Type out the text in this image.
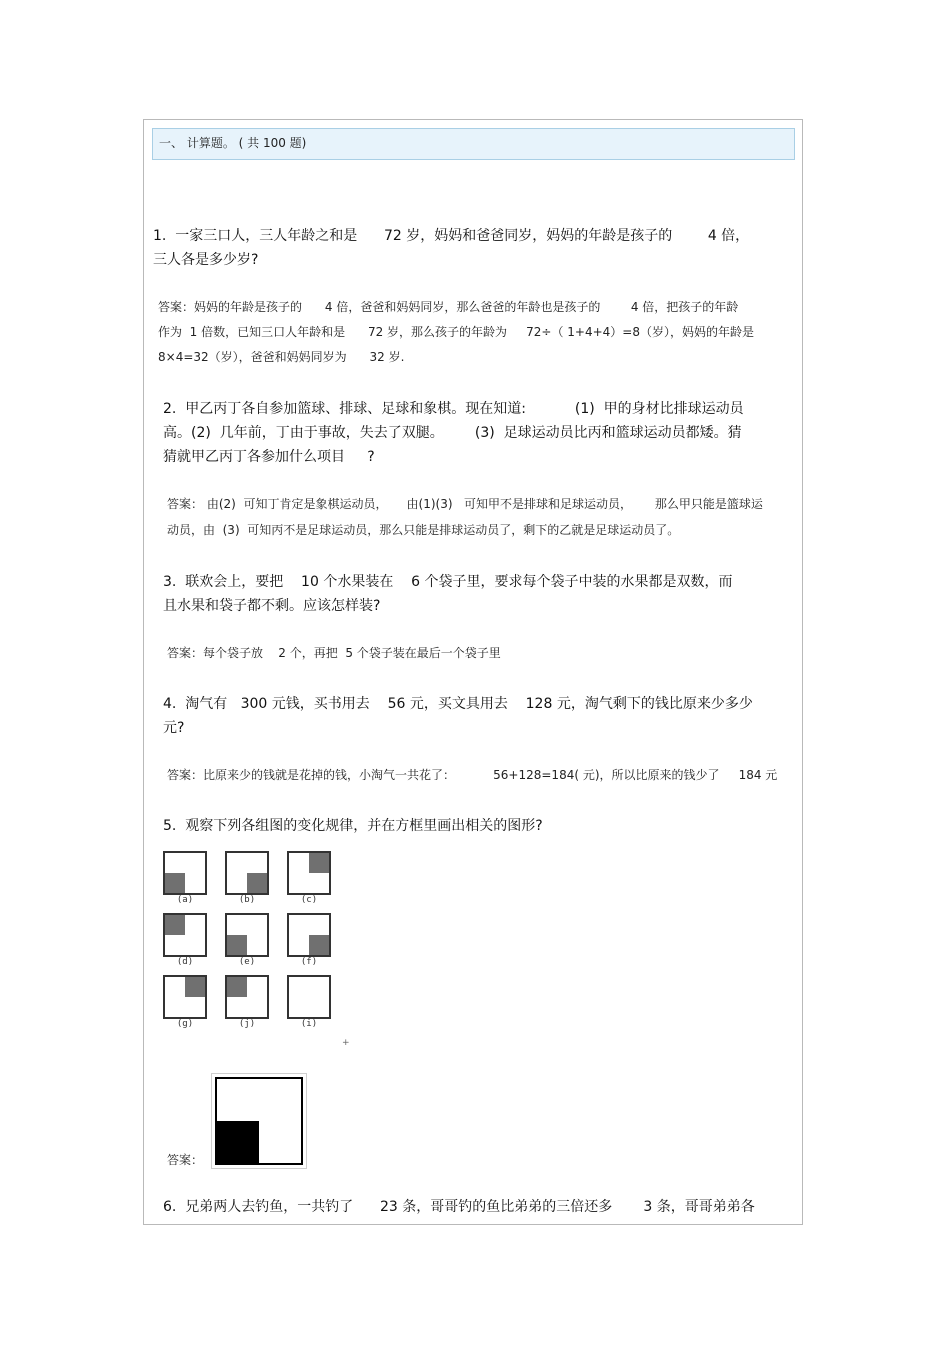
一、 计算题。 ( 共 100 题)
1.  一家三口人，三人年龄之和是      72 岁，妈妈和爸爸同岁，妈妈的年龄是孩子的        4 倍，
三人各是多少岁?
答案：妈妈的年龄是孩子的      4 倍，爸爸和妈妈同岁，那么爸爸的年龄也是孩子的        4 倍，把孩子的年龄
作为  1 倍数，已知三口人年龄和是      72 岁，那么孩子的年龄为     72÷（ 1+4+4）=8（岁），妈妈的年龄是
8×4=32（岁），爸爸和妈妈同岁为      32 岁.
2.  甲乙丙丁各自参加篮球、排球、足球和象棋。现在知道:           (1)  甲的身材比排球运动员
高。(2)  几年前，丁由于事故，失去了双腿。       (3)  足球运动员比丙和篮球运动员都矮。猜
猜就甲乙丙丁各参加什么项目     ?
答案： 由(2)  可知丁肯定是象棋运动员，     由(1)(3)   可知甲不是排球和足球运动员，      那么甲只能是篮球运
动员，由  (3)  可知丙不是足球运动员，那么只能是排球运动员了，剩下的乙就是足球运动员了。
3.  联欢会上，要把    10 个水果装在    6 个袋子里，要求每个袋子中装的水果都是双数，而
且水果和袋子都不剩。应该怎样装?
答案：每个袋子放    2 个，再把  5 个袋子装在最后一个袋子里
4.  淘气有   300 元钱，买书用去    56 元，买文具用去    128 元，淘气剩下的钱比原来少多少
元?
答案：比原来少的钱就是花掉的钱，小淘气一共花了：          56+128=184( 元)，所以比原来的钱少了     184 元
5.  观察下列各组图的变化规律，并在方框里画出相关的图形?
(a)	(b)	(c)
(d)	(e)	(f)
(g)	(j)	(i)
+
答案：
6.  兄弟两人去钓鱼，一共钓了      23 条，哥哥钓的鱼比弟弟的三倍还多       3 条，哥哥弟弟各
